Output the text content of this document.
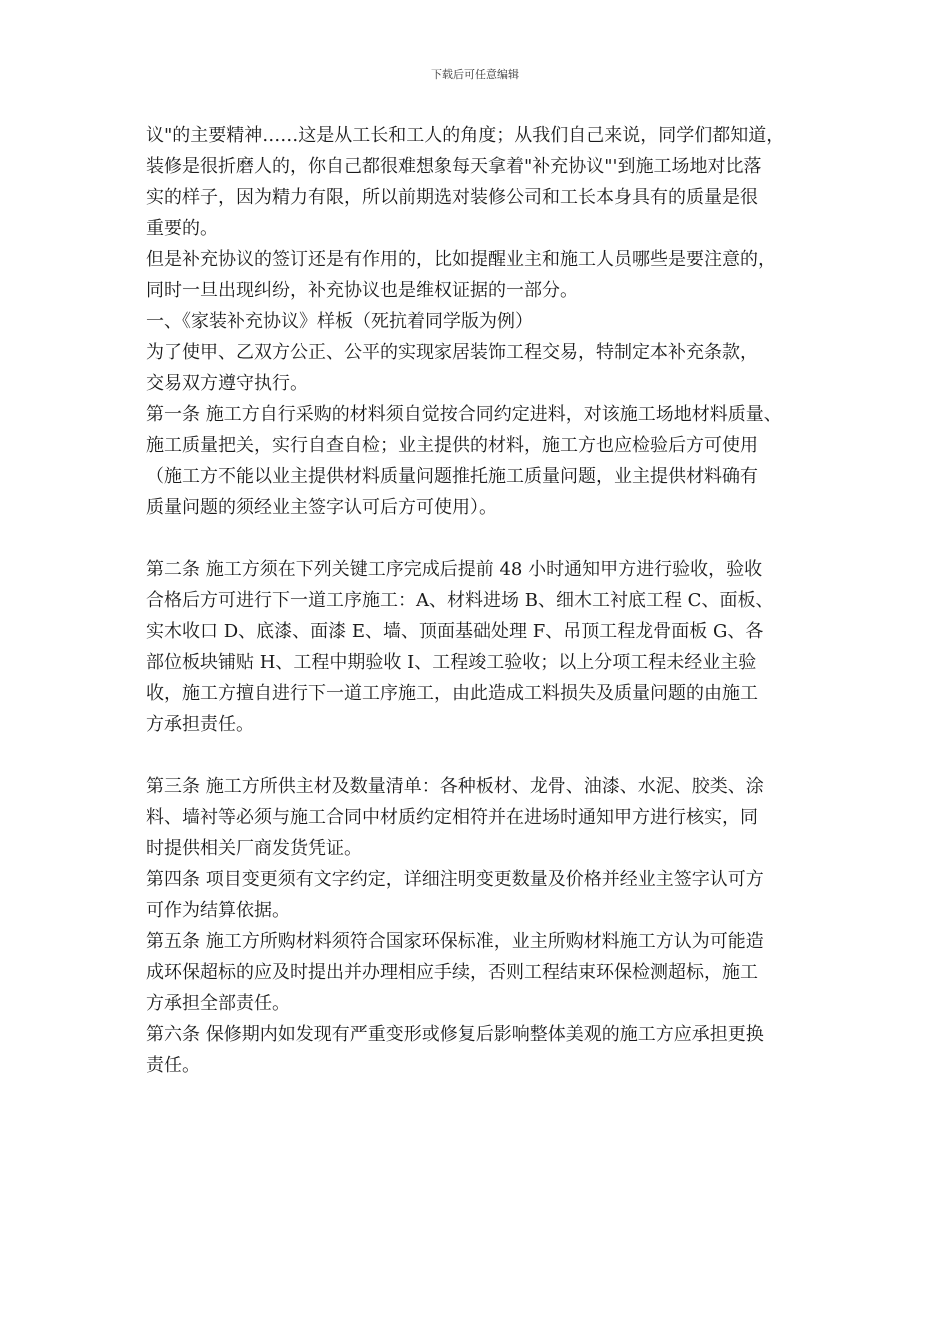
下载后可任意编辑
议"的主要精神……这是从工长和工人的角度；从我们自己来说，同学们都知道，
装修是很折磨人的，你自己都很难想象每天拿着"补充协议"'到施工场地对比落
实的样子，因为精力有限，所以前期选对装修公司和工长本身具有的质量是很
重要的。
但是补充协议的签订还是有作用的，比如提醒业主和施工人员哪些是要注意的，
同时一旦出现纠纷，补充协议也是维权证据的一部分。
一、《家装补充协议》样板（死抗着同学版为例）
为了使甲、乙双方公正、公平的实现家居装饰工程交易，特制定本补充条款，
交易双方遵守执行。
第一条 施工方自行采购的材料须自觉按合同约定进料，对该施工场地材料质量、
施工质量把关，实行自查自检；业主提供的材料，施工方也应检验后方可使用
（施工方不能以业主提供材料质量问题推托施工质量问题，业主提供材料确有
质量问题的须经业主签字认可后方可使用）。
第二条 施工方须在下列关键工序完成后提前 48 小时通知甲方进行验收，验收
合格后方可进行下一道工序施工：A、材料进场 B、细木工衬底工程 C、面板、
实木收口 D、底漆、面漆 E、墙、顶面基础处理 F、吊顶工程龙骨面板 G、各
部位板块铺贴 H、工程中期验收 I、工程竣工验收；以上分项工程未经业主验
收，施工方擅自进行下一道工序施工，由此造成工料损失及质量问题的由施工
方承担责任。
第三条 施工方所供主材及数量清单：各种板材、龙骨、油漆、水泥、胶类、涂
料、墙衬等必须与施工合同中材质约定相符并在进场时通知甲方进行核实，同
时提供相关厂商发货凭证。
第四条 项目变更须有文字约定，详细注明变更数量及价格并经业主签字认可方
可作为结算依据。
第五条 施工方所购材料须符合国家环保标准，业主所购材料施工方认为可能造
成环保超标的应及时提出并办理相应手续，否则工程结束环保检测超标，施工
方承担全部责任。
第六条 保修期内如发现有严重变形或修复后影响整体美观的施工方应承担更换
责任。
